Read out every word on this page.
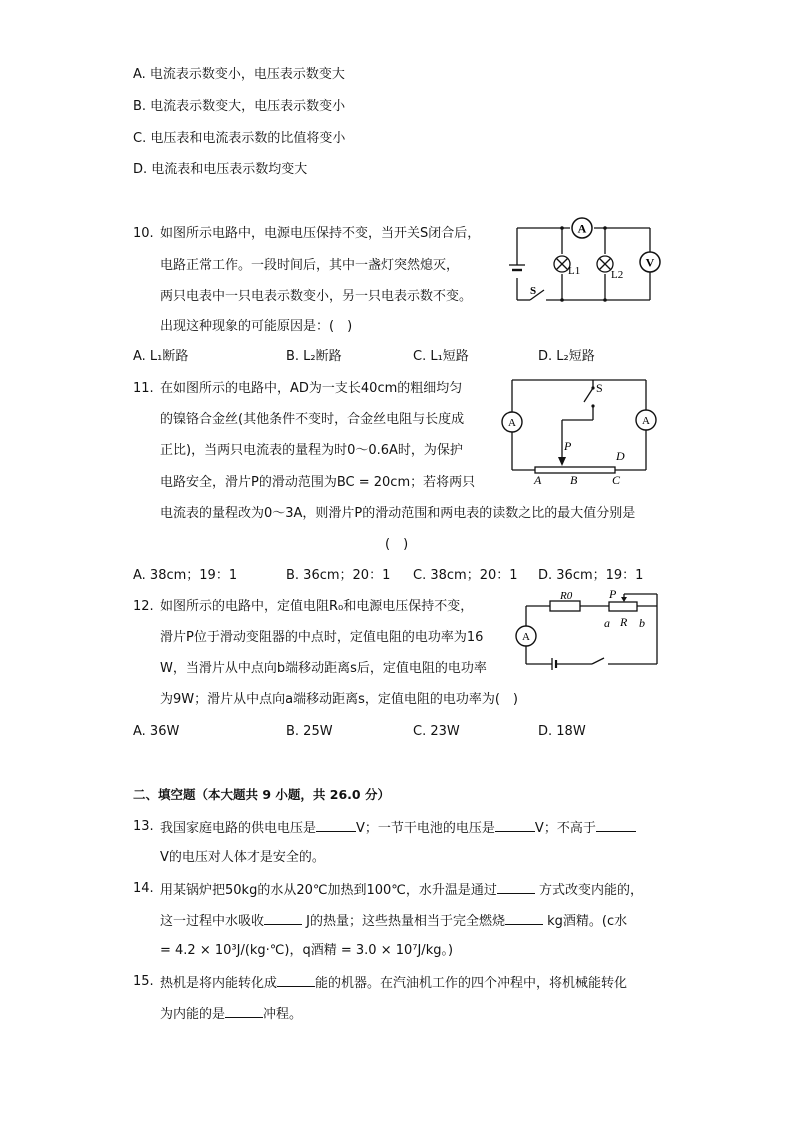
A. 电流表示数变小，电压表示数变大
B. 电流表示数变大，电压表示数变小
C. 电压表和电流表示数的比值将变小
D. 电流表和电压表示数均变大
10. 如图所示电路中，电源电压保持不变，当开关S闭合后，
电路正常工作。一段时间后，其中一盏灯突然熄灭，
两只电表中一只电表示数变小，另一只电表示数不变。
出现这种现象的可能原因是：(　)
A. L₁断路	B. L₂断路	C. L₁短路	D. L₂短路
A
V
L1	L2
S
11. 在如图所示的电路中，AD为一支长40cm的粗细均匀
的镍铬合金丝(其他条件不变时，合金丝电阻与长度成
正比)，当两只电流表的量程为时0～0.6A时，为保护
电路安全，滑片P的滑动范围为BC = 20cm；若将两只
电流表的量程改为0～3A，则滑片P的滑动范围和两电表的读数之比的最大值分别是
(　)
A. 38cm；19：1	B. 36cm；20：1 C. 38cm；20：1 D. 36cm；19：1
A	A
S
P
A B	C
D
12. 如图所示的电路中，定值电阻R₀和电源电压保持不变，
滑片P位于滑动变阻器的中点时，定值电阻的电功率为16
W，当滑片从中点向b端移动距离s后，定值电阻的电功率
为9W；滑片从中点向a端移动距离s，定值电阻的电功率为(　)
A. 36W	B. 25W	C. 23W	D. 18W
A
R0	P
R
a b
二、填空题（本大题共 9 小题，共 26.0 分）
13. 我国家庭电路的供电电压是	V；一节干电池的电压是	V；不高于
V的电压对人体才是安全的。
14. 用某锅炉把50kg的水从20℃加热到100℃，水升温是通过	方式改变内能的，
这一过程中水吸收	J的热量；这些热量相当于完全燃烧	kg酒精。(c水
= 4.2 × 10³J/(kg·℃)，q酒精 = 3.0 × 10⁷J/kg。)
15. 热机是将内能转化成	能的机器。在汽油机工作的四个冲程中，将机械能转化
为内能的是	冲程。
